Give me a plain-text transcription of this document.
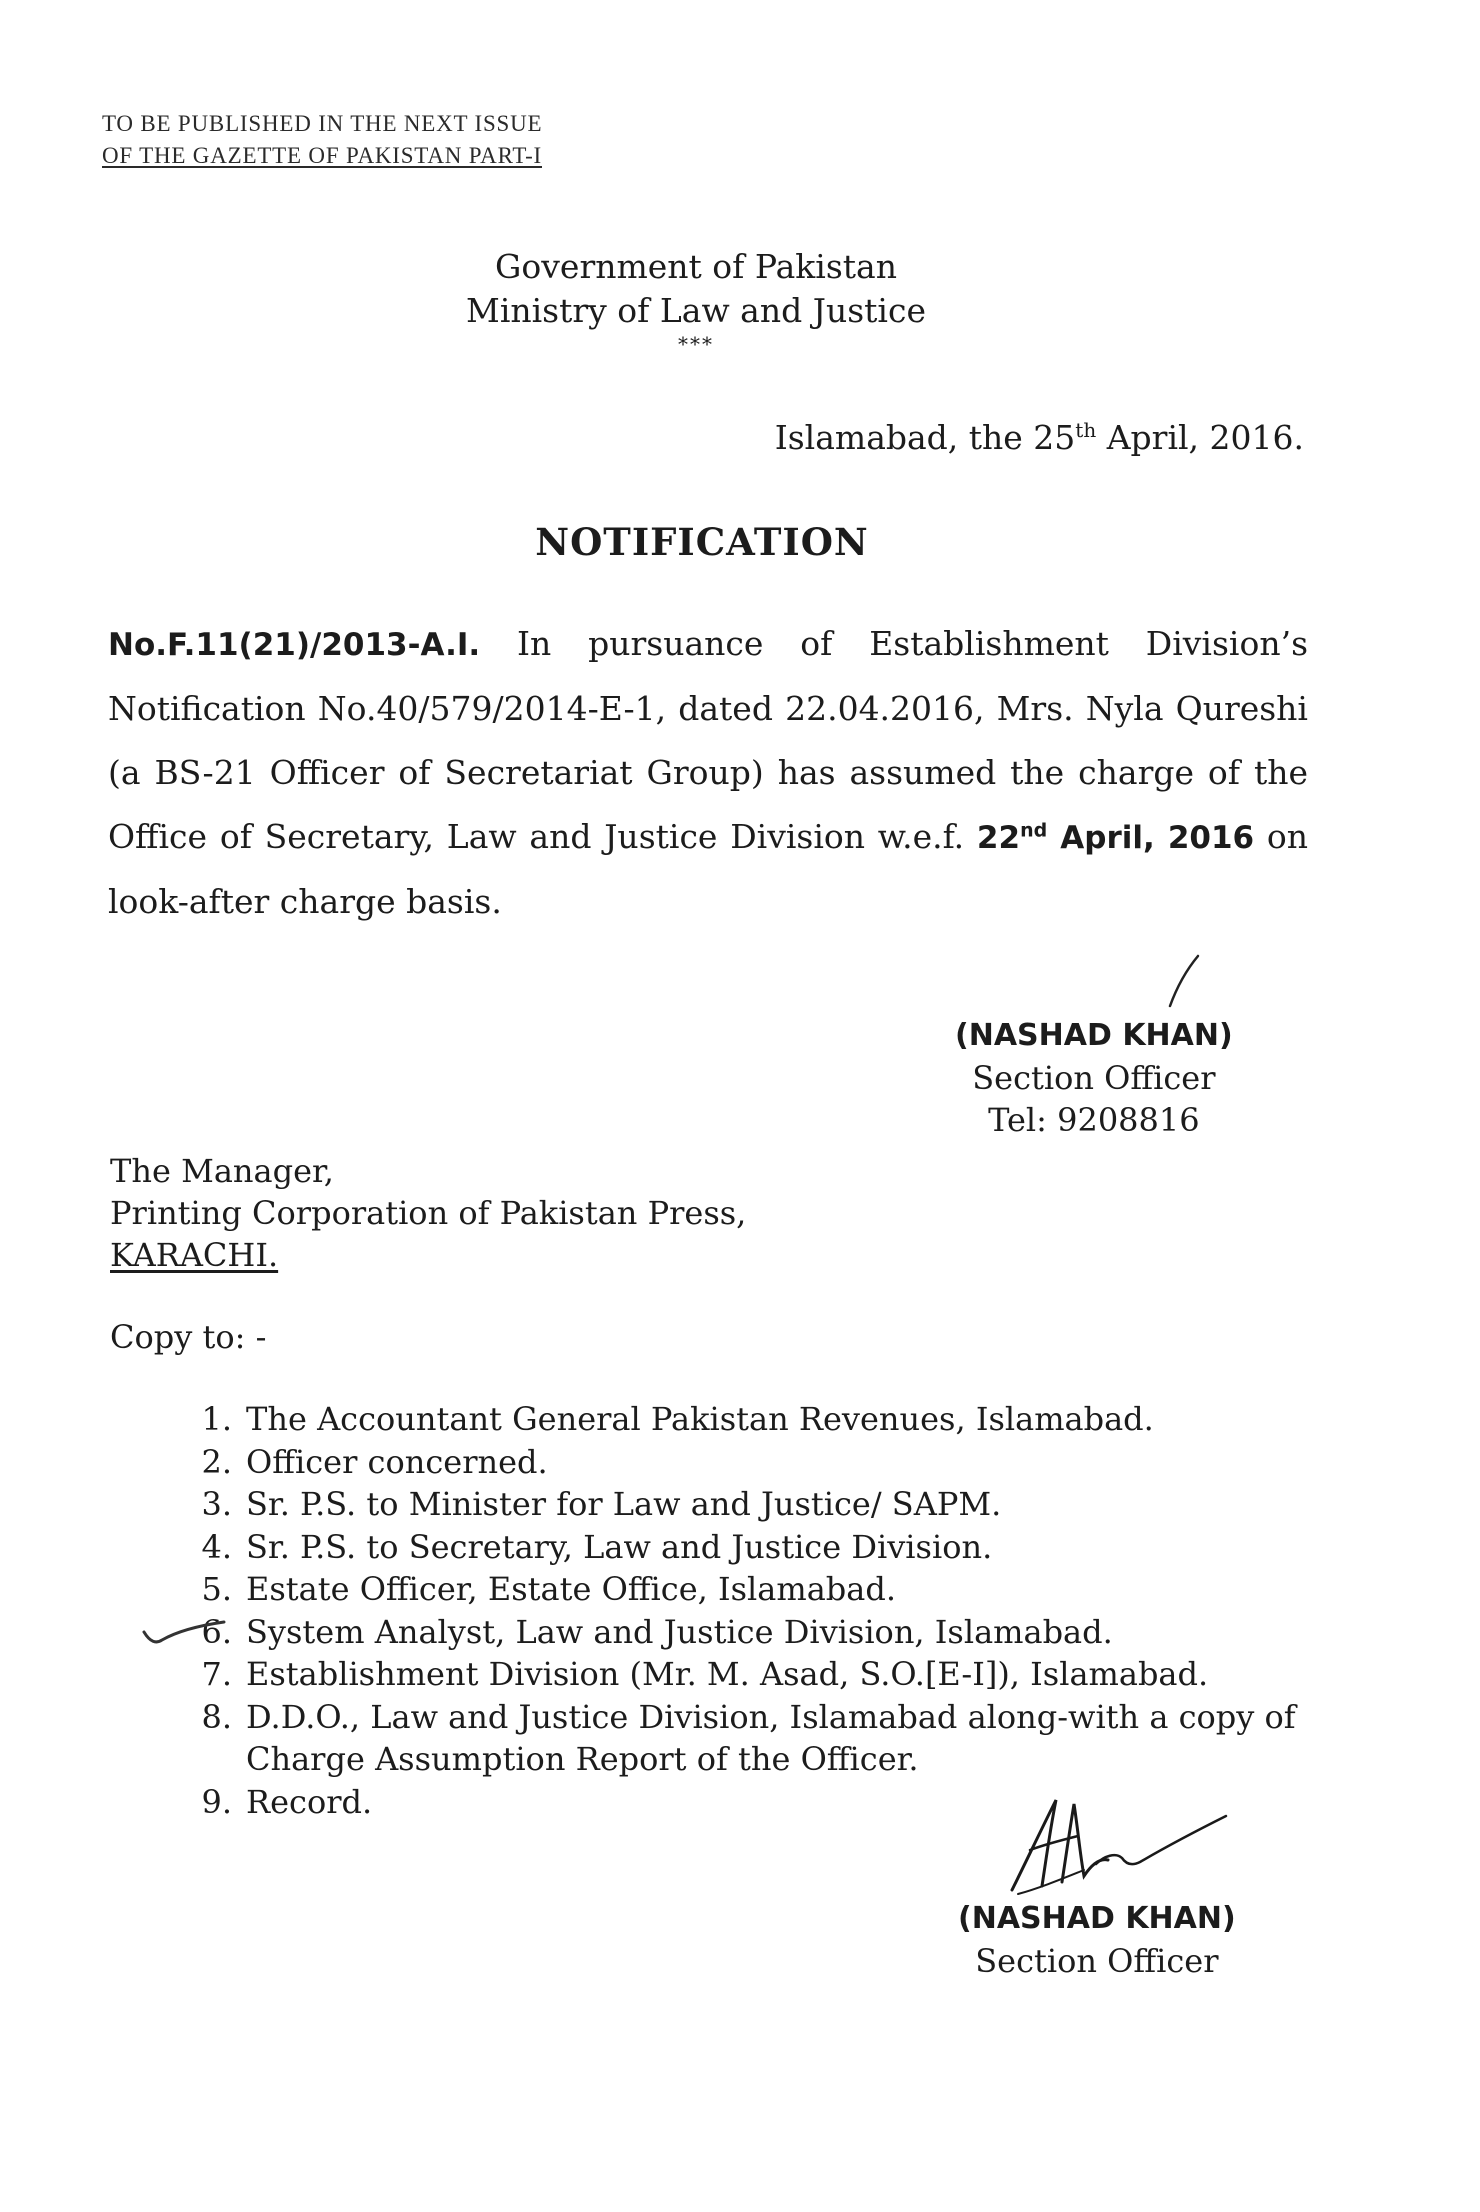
TO BE PUBLISHED IN THE NEXT ISSUE
OF THE GAZETTE OF PAKISTAN PART-I
Government of Pakistan
Ministry of Law and Justice
***
Islamabad, the 25th April, 2016.
NOTIFICATION
No.F.11(21)/2013-A.I. In pursuance of Establishment Division’s Notification No.40/579/2014-E-1, dated 22.04.2016, Mrs. Nyla Qureshi (a BS-21 Officer of Secretariat Group) has assumed the charge of the Office of Secretary, Law and Justice Division w.e.f. 22nd April, 2016 on look-after charge basis.
(NASHAD KHAN)
Section Officer
Tel: 9208816
The Manager,
Printing Corporation of Pakistan Press,
KARACHI.
Copy to: -
1. The Accountant General Pakistan Revenues, Islamabad.
2. Officer concerned.
3. Sr. P.S. to Minister for Law and Justice/ SAPM.
4. Sr. P.S. to Secretary, Law and Justice Division.
5. Estate Officer, Estate Office, Islamabad.
6. System Analyst, Law and Justice Division, Islamabad.
7. Establishment Division (Mr. M. Asad, S.O.[E-I]), Islamabad.
8. D.D.O., Law and Justice Division, Islamabad along-with a copy of Charge Assumption Report of the Officer.
9. Record.
(NASHAD KHAN)
Section Officer
